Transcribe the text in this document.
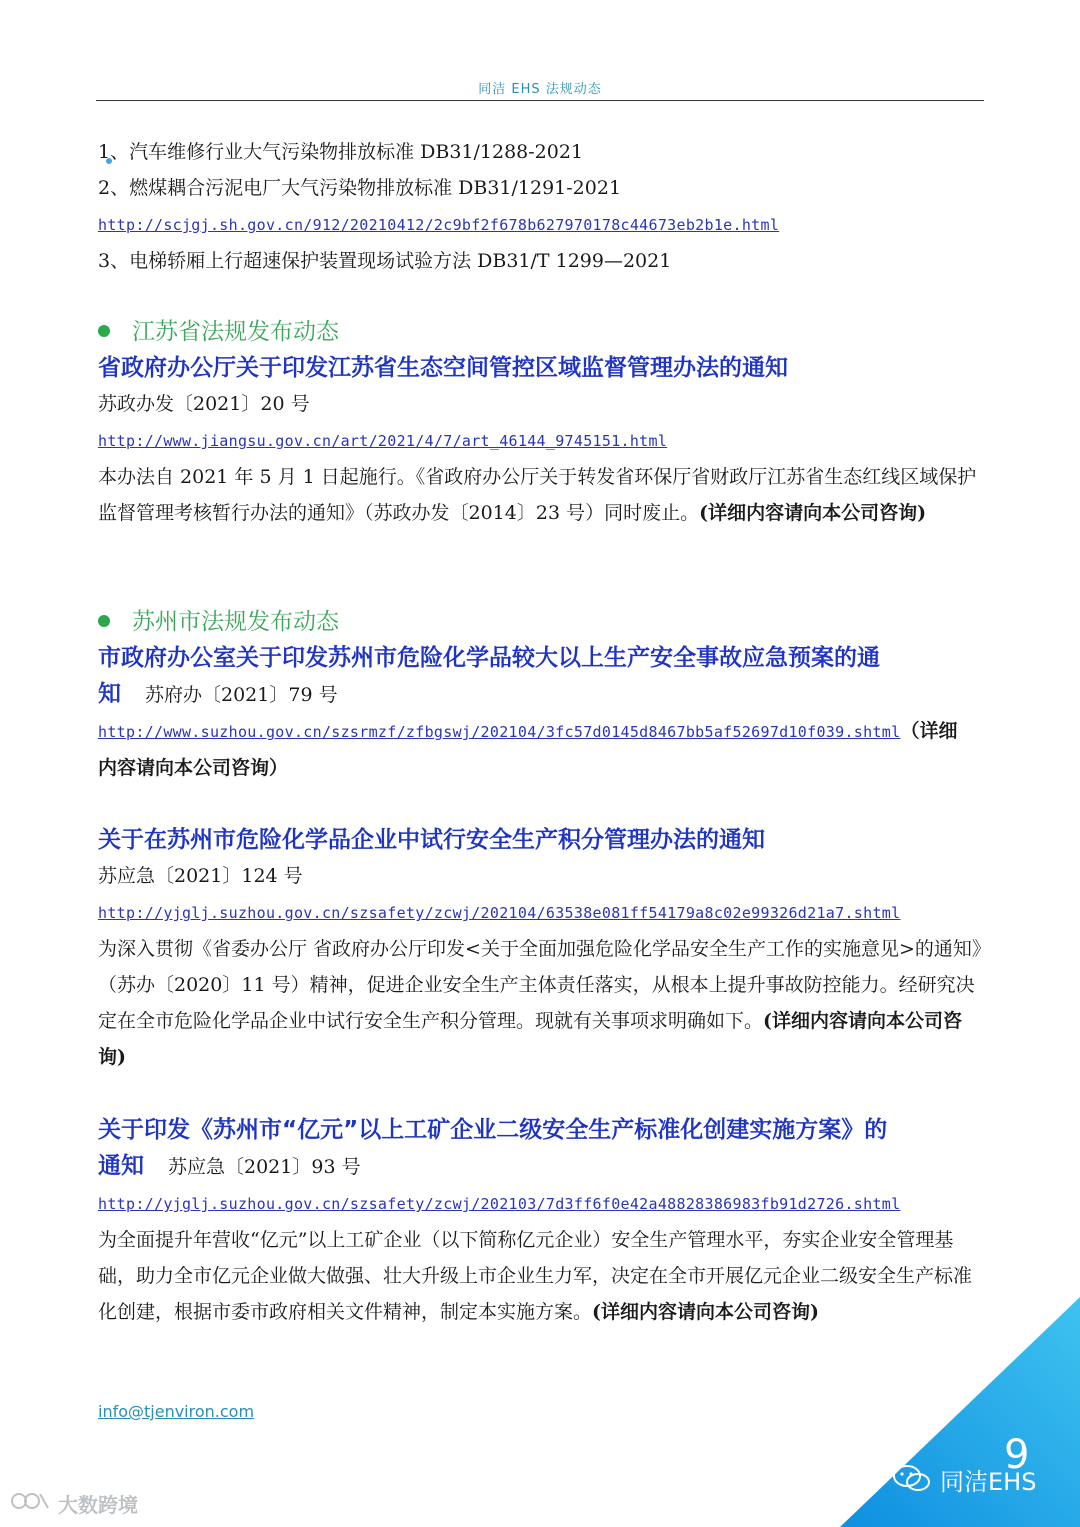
同洁 EHS 法规动态
1、汽车维修行业大气污染物排放标准 DB31/1288-2021
2、燃煤耦合污泥电厂大气污染物排放标准 DB31/1291-2021
http://scjgj.sh.gov.cn/912/20210412/2c9bf2f678b627970178c44673eb2b1e.html
3、电梯轿厢上行超速保护装置现场试验方法 DB31/T 1299—2021
江苏省法规发布动态
省政府办公厅关于印发江苏省生态空间管控区域监督管理办法的通知
苏政办发〔2021〕20 号
http://www.jiangsu.gov.cn/art/2021/4/7/art_46144_9745151.html
本办法自 2021 年 5 月 1 日起施行。《省政府办公厅关于转发省环保厅省财政厅江苏省生态红线区域保护监督管理考核暂行办法的通知》（苏政办发〔2014〕23 号）同时废止。(详细内容请向本公司咨询)
苏州市法规发布动态
市政府办公室关于印发苏州市危险化学品较大以上生产安全事故应急预案的通
知 苏府办〔2021〕79 号
http://www.suzhou.gov.cn/szsrmzf/zfbgswj/202104/3fc57d0145d8467bb5af52697d10f039.shtml（详细
内容请向本公司咨询）
关于在苏州市危险化学品企业中试行安全生产积分管理办法的通知
苏应急〔2021〕124 号
http://yjglj.suzhou.gov.cn/szsafety/zcwj/202104/63538e081ff54179a8c02e99326d21a7.shtml
为深入贯彻《省委办公厅 省政府办公厅印发<关于全面加强危险化学品安全生产工作的实施意见>的通知》（苏办〔2020〕11 号）精神，促进企业安全生产主体责任落实，从根本上提升事故防控能力。经研究决定在全市危险化学品企业中试行安全生产积分管理。现就有关事项求明确如下。(详细内容请向本公司咨询)
关于印发《苏州市“亿元”以上工矿企业二级安全生产标准化创建实施方案》的
通知 苏应急〔2021〕93 号
http://yjglj.suzhou.gov.cn/szsafety/zcwj/202103/7d3ff6f0e42a48828386983fb91d2726.shtml
为全面提升年营收“亿元”以上工矿企业（以下简称亿元企业）安全生产管理水平，夯实企业安全管理基础，助力全市亿元企业做大做强、壮大升级上市企业生力军，决定在全市开展亿元企业二级安全生产标准化创建，根据市委市政府相关文件精神，制定本实施方案。(详细内容请向本公司咨询)
info@tjenviron.com
9
同洁EHS
大数跨境
